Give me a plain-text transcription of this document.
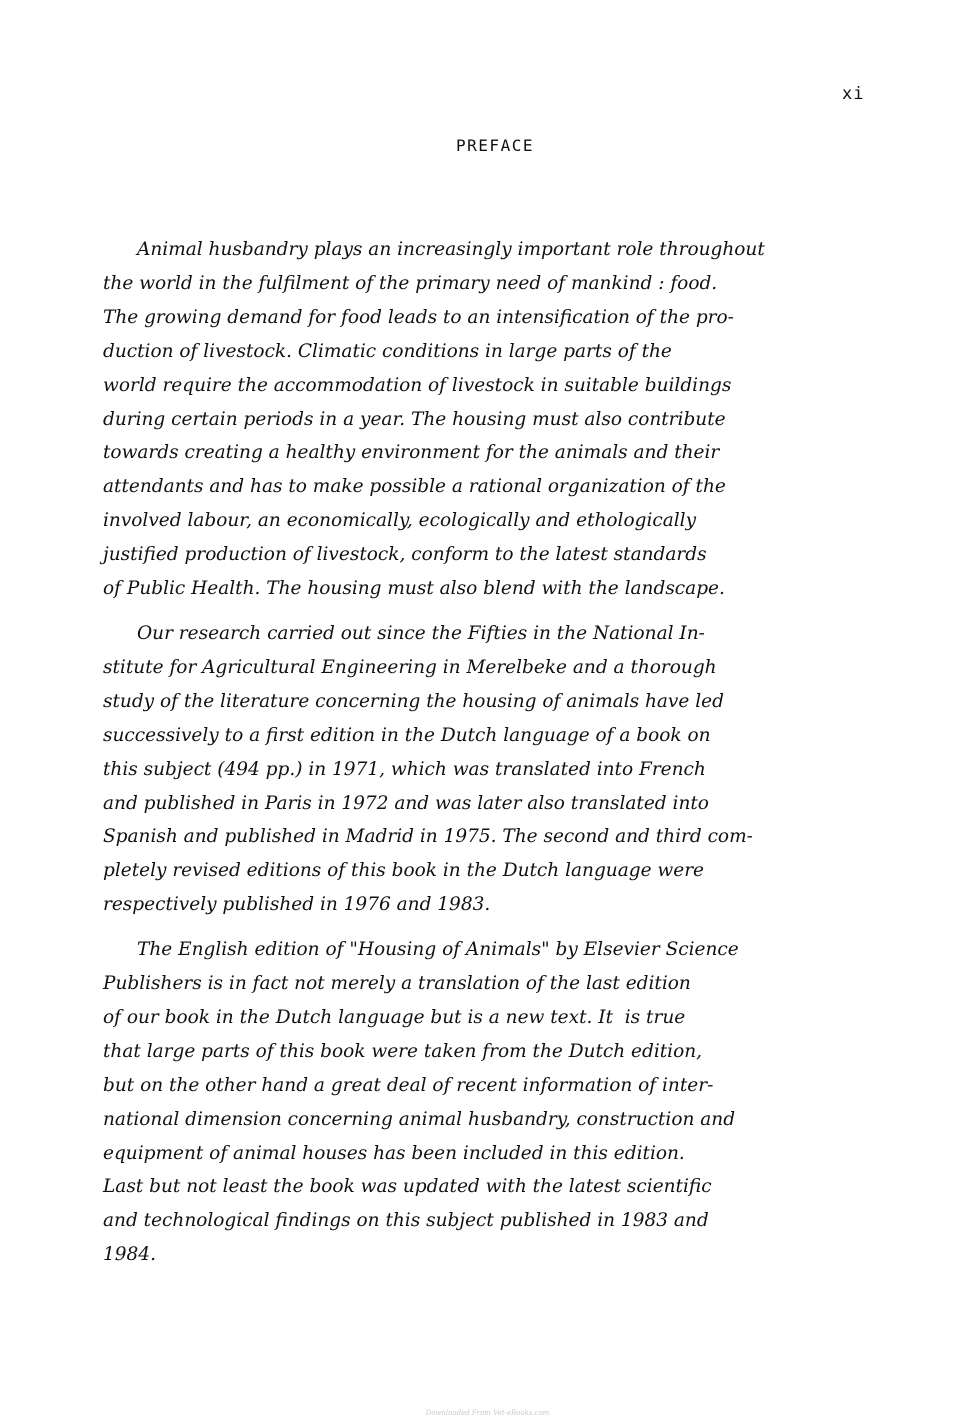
xi
PREFACE
Animal husbandry plays an increasingly important role throughout
the world in the fulfilment of the primary need of mankind : food.
The growing demand for food leads to an intensification of the pro-
duction of livestock. Climatic conditions in large parts of the
world require the accommodation of livestock in suitable buildings
during certain periods in a year. The housing must also contribute
towards creating a healthy environment for the animals and their
attendants and has to make possible a rational organization of the
involved labour, an economically, ecologically and ethologically
justified production of livestock, conform to the latest standards
of Public Health. The housing must also blend with the landscape.
Our research carried out since the Fifties in the National In-
stitute for Agricultural Engineering in Merelbeke and a thorough
study of the literature concerning the housing of animals have led
successively to a first edition in the Dutch language of a book on
this subject (494 pp.) in 1971, which was translated into French
and published in Paris in 1972 and was later also translated into
Spanish and published in Madrid in 1975. The second and third com-
pletely revised editions of this book in the Dutch language were
respectively published in 1976 and 1983.
The English edition of "Housing of Animals" by Elsevier Science
Publishers is in fact not merely a translation of the last edition
of our book in the Dutch language but is a new text. It  is true
that large parts of this book were taken from the Dutch edition,
but on the other hand a great deal of recent information of inter-
national dimension concerning animal husbandry, construction and
equipment of animal houses has been included in this edition.
Last but not least the book was updated with the latest scientific
and technological findings on this subject published in 1983 and
1984.
Downloaded From Vet-eBooks.com
